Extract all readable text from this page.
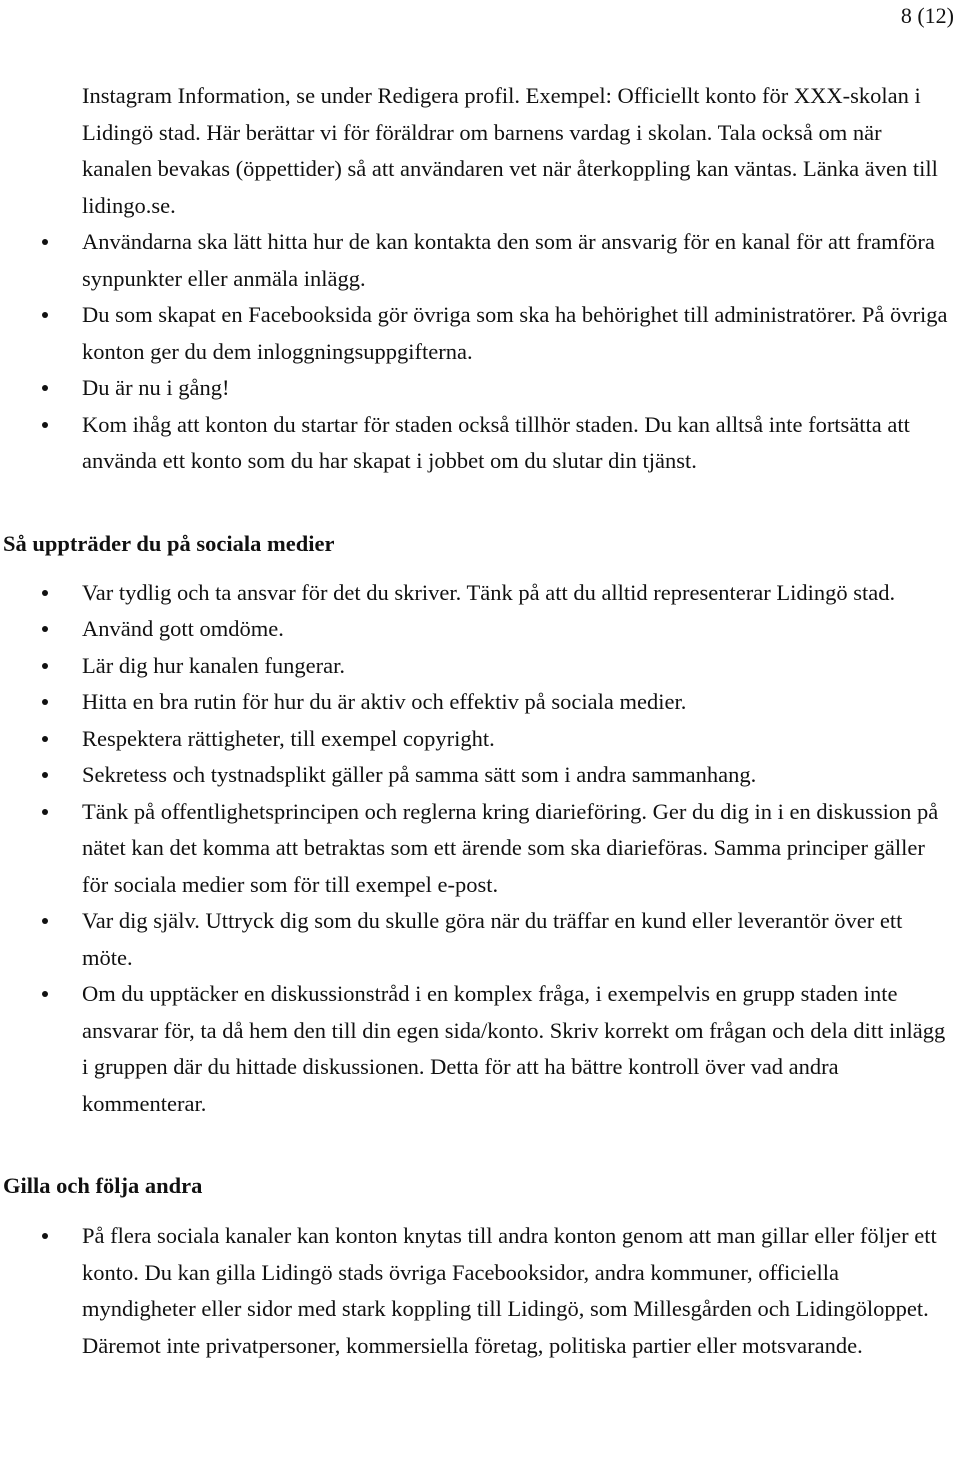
8 (12)

Instagram Information, se under Redigera profil. Exempel: Officiellt konto för XXX-skolan i Lidingö stad. Här berättar vi för föräldrar om barnens vardag i skolan. Tala också om när kanalen bevakas (öppettider) så att användaren vet när återkoppling kan väntas. Länka även till lidingo.se.

Användarna ska lätt hitta hur de kan kontakta den som är ansvarig för en kanal för att framföra synpunkter eller anmäla inlägg.
Du som skapat en Facebooksida gör övriga som ska ha behörighet till administratörer. På övriga konton ger du dem inloggningsuppgifterna.
Du är nu i gång!
Kom ihåg att konton du startar för staden också tillhör staden. Du kan alltså inte fortsätta att använda ett konto som du har skapat i jobbet om du slutar din tjänst.
Så uppträder du på sociala medier
Var tydlig och ta ansvar för det du skriver. Tänk på att du alltid representerar Lidingö stad.
Använd gott omdöme.
Lär dig hur kanalen fungerar.
Hitta en bra rutin för hur du är aktiv och effektiv på sociala medier.
Respektera rättigheter, till exempel copyright.
Sekretess och tystnadsplikt gäller på samma sätt som i andra sammanhang.
Tänk på offentlighetsprincipen och reglerna kring diarieföring. Ger du dig in i en diskussion på nätet kan det komma att betraktas som ett ärende som ska diarieföras. Samma principer gäller för sociala medier som för till exempel e-post.
Var dig själv. Uttryck dig som du skulle göra när du träffar en kund eller leverantör över ett möte.
Om du upptäcker en diskussionstråd i en komplex fråga, i exempelvis en grupp staden inte ansvarar för, ta då hem den till din egen sida/konto. Skriv korrekt om frågan och dela ditt inlägg i gruppen där du hittade diskussionen. Detta för att ha bättre kontroll över vad andra kommenterar.
Gilla och följa andra
På flera sociala kanaler kan konton knytas till andra konton genom att man gillar eller följer ett konto. Du kan gilla Lidingö stads övriga Facebooksidor, andra kommuner, officiella myndigheter eller sidor med stark koppling till Lidingö, som Millesgården och Lidingöloppet. Däremot inte privatpersoner, kommersiella företag, politiska partier eller motsvarande.
